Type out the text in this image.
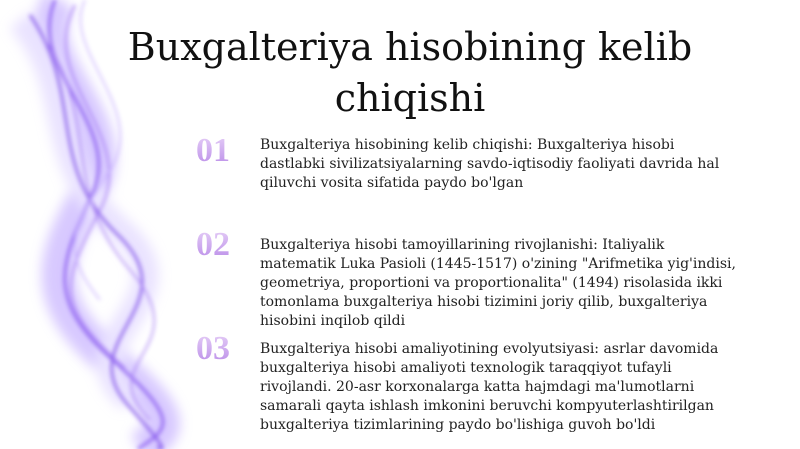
Buxgalteriya hisobining kelib chiqishi
01	Buxgalteriya hisobining kelib chiqishi: Buxgalteriya hisobi dastlabki sivilizatsiyalarning savdo-iqtisodiy faoliyati davrida hal qiluvchi vosita sifatida paydo bo'lgan
02	Buxgalteriya hisobi tamoyillarining rivojlanishi: Italiyalik matematik Luka Pasioli (1445-1517) o'zining "Arifmetika yig'indisi, geometriya, proportioni va proportionalita" (1494) risolasida ikki tomonlama buxgalteriya hisobi tizimini joriy qilib, buxgalteriya hisobini inqilob qildi
03	Buxgalteriya hisobi amaliyotining evolyutsiyasi: asrlar davomida buxgalteriya hisobi amaliyoti texnologik taraqqiyot tufayli rivojlandi. 20-asr korxonalarga katta hajmdagi ma'lumotlarni samarali qayta ishlash imkonini beruvchi kompyuterlashtirilgan buxgalteriya tizimlarining paydo bo'lishiga guvoh bo'ldi
